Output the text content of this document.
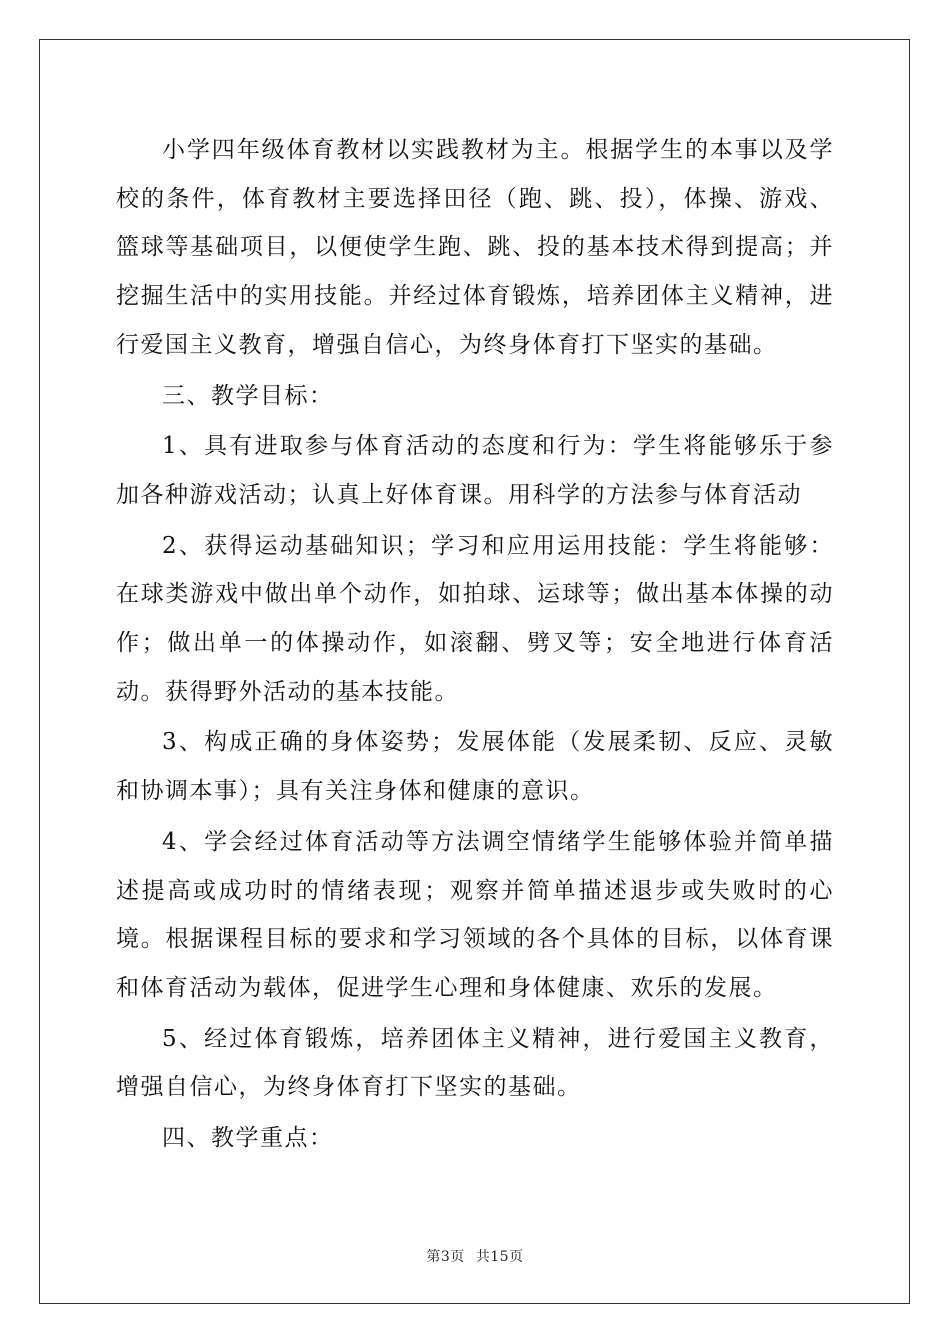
小学四年级体育教材以实践教材为主。根据学生的本事以及学校的条件，体育教材主要选择田径（跑、跳、投），体操、游戏、篮球等基础项目，以便使学生跑、跳、投的基本技术得到提高；并挖掘生活中的实用技能。并经过体育锻炼，培养团体主义精神，进行爱国主义教育，增强自信心，为终身体育打下坚实的基础。

三、教学目标：

1、具有进取参与体育活动的态度和行为：学生将能够乐于参加各种游戏活动；认真上好体育课。用科学的方法参与体育活动

2、获得运动基础知识；学习和应用运用技能：学生将能够：在球类游戏中做出单个动作，如拍球、运球等；做出基本体操的动作；做出单一的体操动作，如滚翻、劈叉等；安全地进行体育活动。获得野外活动的基本技能。

3、构成正确的身体姿势；发展体能（发展柔韧、反应、灵敏和协调本事）；具有关注身体和健康的意识。

4、学会经过体育活动等方法调空情绪学生能够体验并简单描述提高或成功时的情绪表现；观察并简单描述退步或失败时的心境。根据课程目标的要求和学习领域的各个具体的目标，以体育课和体育活动为载体，促进学生心理和身体健康、欢乐的发展。

5、经过体育锻炼，培养团体主义精神，进行爱国主义教育，增强自信心，为终身体育打下坚实的基础。

四、教学重点：

第3页 共15页
